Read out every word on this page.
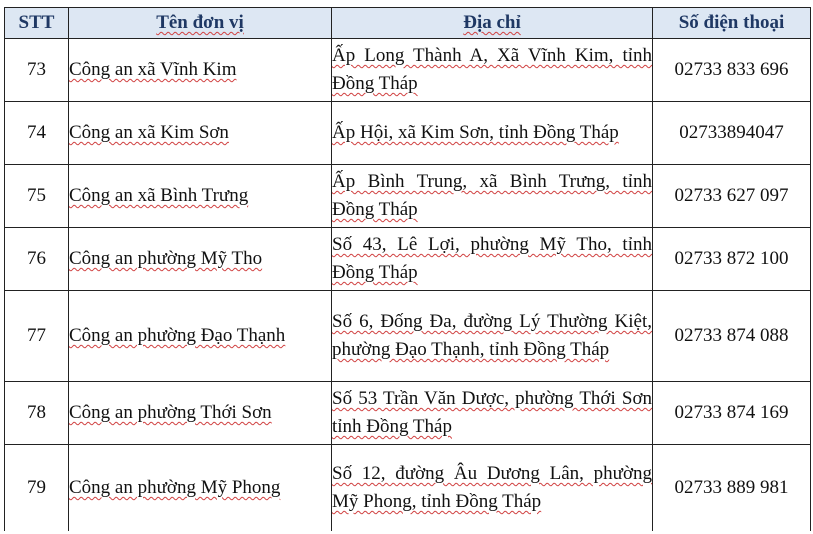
STT	Tên đơn vị	Địa chỉ	Số điện thoại
73	Công an xã Vĩnh Kim	Ấp Long Thành A, Xã Vĩnh Kim, tỉnh Đồng Tháp	02733 833 696
74	Công an xã Kim Sơn	Ấp Hội, xã Kim Sơn, tỉnh Đồng Tháp	02733894047
75	Công an xã Bình Trưng	Ấp Bình Trung, xã Bình Trưng, tỉnh Đồng Tháp	02733 627 097
76	Công an phường Mỹ Tho	Số 43, Lê Lợi, phường Mỹ Tho, tỉnh Đồng Tháp	02733 872 100
77	Công an phường Đạo Thạnh	Số 6, Đống Đa, đường Lý Thường Kiệt, phường Đạo Thạnh, tỉnh Đồng Tháp	02733 874 088
78	Công an phường Thới Sơn	Số 53 Trần Văn Dược, phường Thới Sơn tỉnh Đồng Tháp	02733 874 169
79	Công an phường Mỹ Phong	Số 12, đường Âu Dương Lân, phường Mỹ Phong, tỉnh Đồng Tháp	02733 889 981
